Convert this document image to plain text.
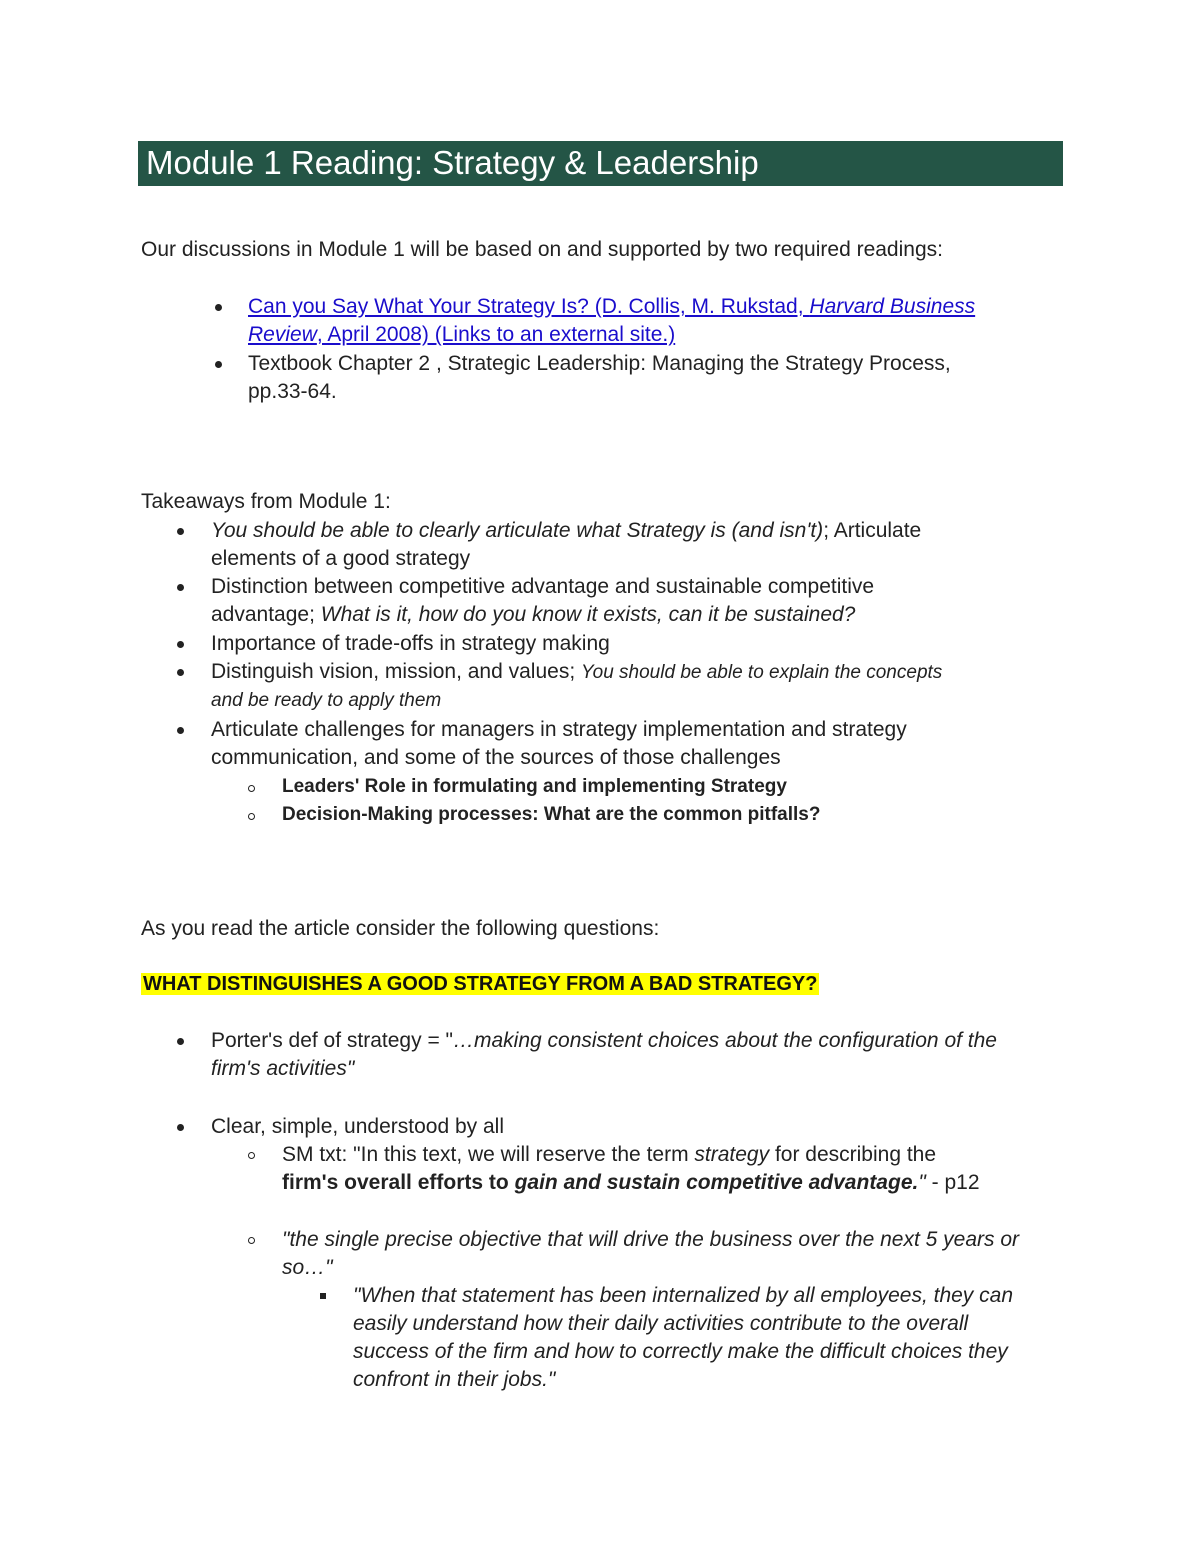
Module 1 Reading: Strategy & Leadership

Our discussions in Module 1 will be based on and supported by two required readings:

Can you Say What Your Strategy Is? (D. Collis, M. Rukstad, Harvard Business

Review, April 2008) (Links to an external site.)

Textbook Chapter 2 , Strategic Leadership: Managing the Strategy Process,

pp.33-64.

Takeaways from Module 1:

You should be able to clearly articulate what Strategy is (and isn't); Articulate

elements of a good strategy

Distinction between competitive advantage and sustainable competitive

advantage; What is it, how do you know it exists, can it be sustained?

Importance of trade-offs in strategy making

Distinguish vision, mission, and values; You should be able to explain the concepts

and be ready to apply them

Articulate challenges for managers in strategy implementation and strategy

communication, and some of the sources of those challenges

Leaders' Role in formulating and implementing Strategy

Decision-Making processes: What are the common pitfalls?

As you read the article consider the following questions:

WHAT DISTINGUISHES A GOOD STRATEGY FROM A BAD STRATEGY?

Porter's def of strategy = "…making consistent choices about the configuration of the

firm's activities"

Clear, simple, understood by all

SM txt: "In this text, we will reserve the term strategy for describing the

firm's overall efforts to gain and sustain competitive advantage." - p12

"the single precise objective that will drive the business over the next 5 years or

so…"

"When that statement has been internalized by all employees, they can

easily understand how their daily activities contribute to the overall

success of the firm and how to correctly make the difficult choices they

confront in their jobs."
